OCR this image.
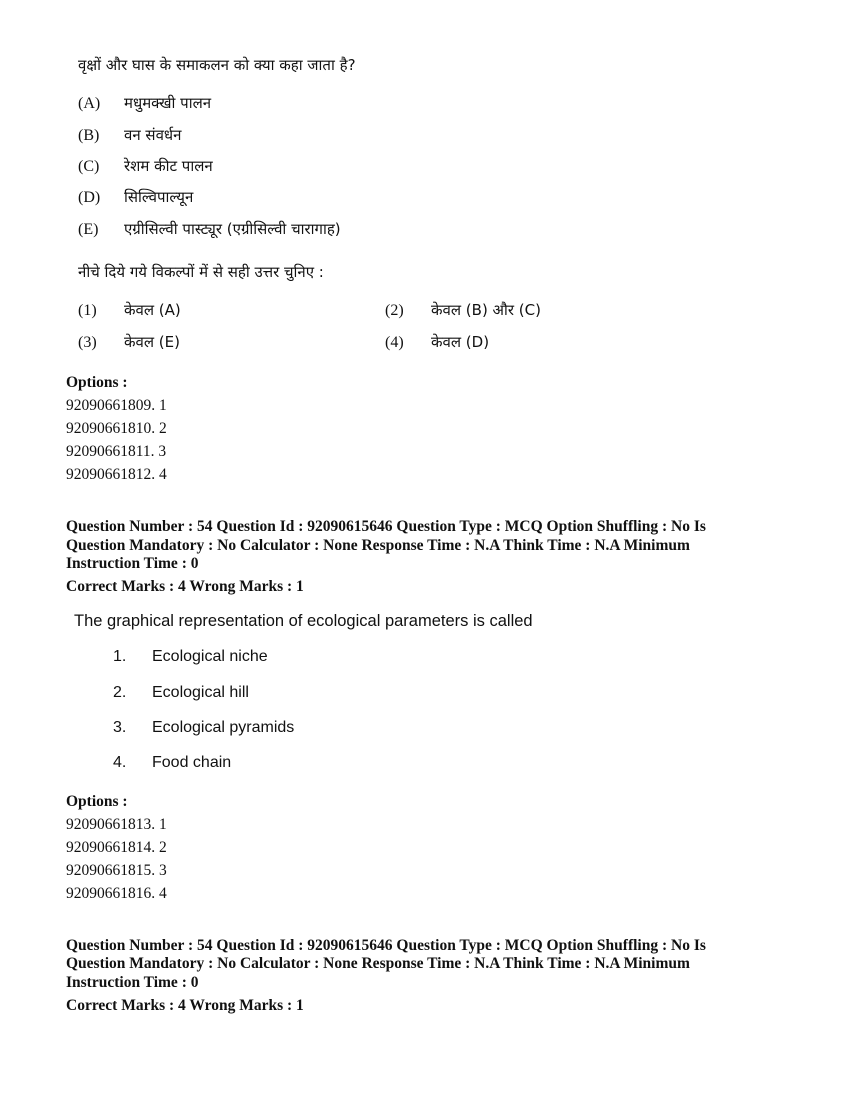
वृक्षों और घास के समाकलन को क्या कहा जाता है?
(A) मधुमक्खी पालन
(B) वन संवर्धन
(C) रेशम कीट पालन
(D) सिल्विपाल्यून
(E) एग्रीसिल्वी पास्ट्यूर (एग्रीसिल्वी चारागाह)
नीचे दिये गये विकल्पों में से सही उत्तर चुनिए :
(1) केवल (A)	(2) केवल (B) और (C)
(3) केवल (E)	(4) केवल (D)
Options :
92090661809. 1
92090661810. 2
92090661811. 3
92090661812. 4
Question Number : 54 Question Id : 92090615646 Question Type : MCQ Option Shuffling : No Is
Question Mandatory : No Calculator : None Response Time : N.A Think Time : N.A Minimum
Instruction Time : 0
Correct Marks : 4 Wrong Marks : 1
The graphical representation of ecological parameters is called
1. Ecological niche
2. Ecological hill
3. Ecological pyramids
4. Food chain
Options :
92090661813. 1
92090661814. 2
92090661815. 3
92090661816. 4
Question Number : 54 Question Id : 92090615646 Question Type : MCQ Option Shuffling : No Is
Question Mandatory : No Calculator : None Response Time : N.A Think Time : N.A Minimum
Instruction Time : 0
Correct Marks : 4 Wrong Marks : 1
